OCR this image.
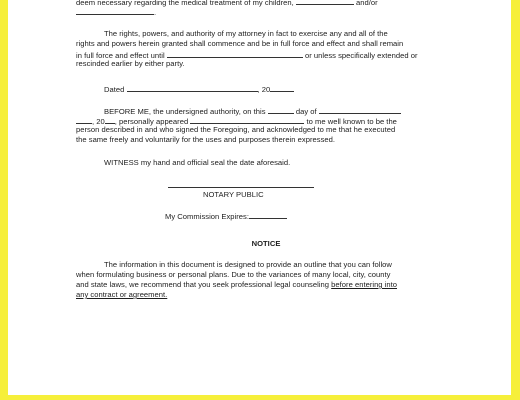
deem necessary regarding the medical treatment of my children,	and/or
.
The rights, powers, and authority of my attorney in fact to exercise any and all of the
rights and powers herein granted shall commence and be in full force and effect and shall remain
in full force and effect until	or unless specifically extended or
rescinded earlier by either party.
Dated	, 20
BEFORE ME, the undersigned authority, on this	day of
, 20 , personally appeared	to me well known to be the
person described in and who signed the Foregoing, and acknowledged to me that he executed
the same freely and voluntarily for the uses and purposes therein expressed.
WITNESS my hand and official seal the date aforesaid.
NOTARY PUBLIC
My Commission Expires:
NOTICE
The information in this document is designed to provide an outline that you can follow
when formulating business or personal plans. Due to the variances of many local, city, county
and state laws, we recommend that you seek professional legal counseling before entering into
any contract or agreement.
